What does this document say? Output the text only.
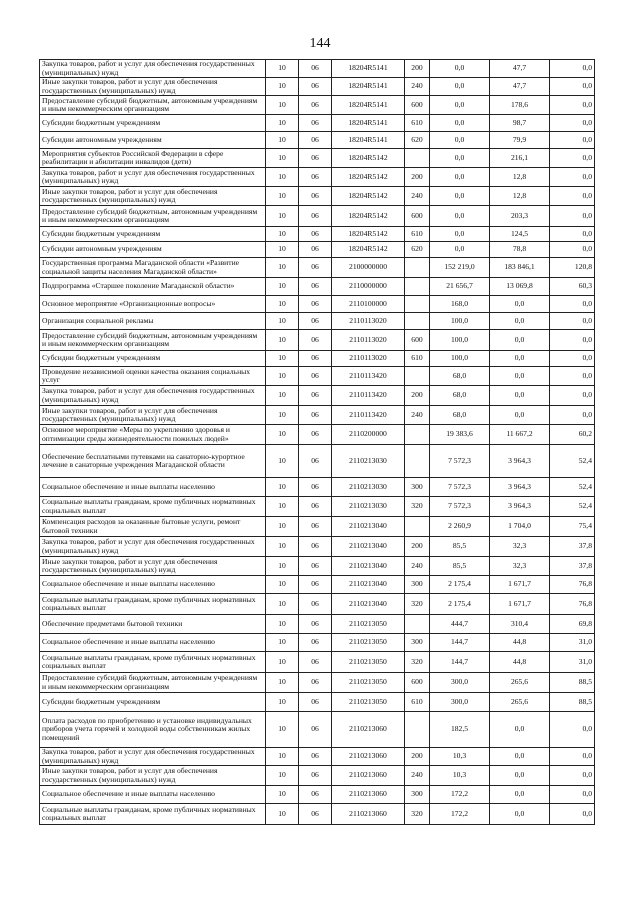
144
Закупка товаров, работ и услуг для обеспечения государственных (муниципальных) нужд	10	06	18204R5141	200	0,0	47,7	0,0
Иные закупки товаров, работ и услуг для обеспечения государственных (муниципальных) нужд	10	06	18204R5141	240	0,0	47,7	0,0
Предоставление субсидий бюджетным, автономным учреждениям и иным некоммерческим организациям	10	06	18204R5141	600	0,0	178,6	0,0
Субсидии бюджетным учреждениям	10	06	18204R5141	610	0,0	98,7	0,0
Субсидии автономным учреждениям	10	06	18204R5141	620	0,0	79,9	0,0
Мероприятия субъектов Российской Федерации в сфере реабилитации и абилитации инвалидов (дети)	10	06	18204R5142		0,0	216,1	0,0
Закупка товаров, работ и услуг для обеспечения государственных (муниципальных) нужд	10	06	18204R5142	200	0,0	12,8	0,0
Иные закупки товаров, работ и услуг для обеспечения государственных (муниципальных) нужд	10	06	18204R5142	240	0,0	12,8	0,0
Предоставление субсидий бюджетным, автономным учреждениям и иным некоммерческим организациям	10	06	18204R5142	600	0,0	203,3	0,0
Субсидии бюджетным учреждениям	10	06	18204R5142	610	0,0	124,5	0,0
Субсидии автономным учреждениям	10	06	18204R5142	620	0,0	78,8	0,0
Государственная программа Магаданской области «Развитие социальной защиты населения Магаданской области»	10	06	2100000000		152 219,0	183 846,1	120,8
Подпрограмма «Старшее поколение Магаданской области»	10	06	2110000000		21 656,7	13 069,8	60,3
Основное мероприятие «Организационные вопросы»	10	06	2110100000		168,0	0,0	0,0
Организация социальной рекламы	10	06	2110113020		100,0	0,0	0,0
Предоставление субсидий бюджетным, автономным учреждениям и иным некоммерческим организациям	10	06	2110113020	600	100,0	0,0	0,0
Субсидии бюджетным учреждениям	10	06	2110113020	610	100,0	0,0	0,0
Проведение независимой оценки качества оказания социальных услуг	10	06	2110113420		68,0	0,0	0,0
Закупка товаров, работ и услуг для обеспечения государственных (муниципальных) нужд	10	06	2110113420	200	68,0	0,0	0,0
Иные закупки товаров, работ и услуг для обеспечения государственных (муниципальных) нужд	10	06	2110113420	240	68,0	0,0	0,0
Основное мероприятие «Меры по укреплению здоровья и оптимизации среды жизнедеятельности пожилых людей»	10	06	2110200000		19 383,6	11 667,2	60,2
Обеспечение бесплатными путевками на санаторно-курортное лечение в санаторные учреждения Магаданской области	10	06	2110213030		7 572,3	3 964,3	52,4
Социальное обеспечение и иные выплаты населению	10	06	2110213030	300	7 572,3	3 964,3	52,4
Социальные выплаты гражданам, кроме публичных нормативных социальных выплат	10	06	2110213030	320	7 572,3	3 964,3	52,4
Компенсация расходов за оказанные бытовые услуги, ремонт бытовой техники	10	06	2110213040		2 260,9	1 704,0	75,4
Закупка товаров, работ и услуг для обеспечения государственных (муниципальных) нужд	10	06	2110213040	200	85,5	32,3	37,8
Иные закупки товаров, работ и услуг для обеспечения государственных (муниципальных) нужд	10	06	2110213040	240	85,5	32,3	37,8
Социальное обеспечение и иные выплаты населению	10	06	2110213040	300	2 175,4	1 671,7	76,8
Социальные выплаты гражданам, кроме публичных нормативных социальных выплат	10	06	2110213040	320	2 175,4	1 671,7	76,8
Обеспечение предметами бытовой техники	10	06	2110213050		444,7	310,4	69,8
Социальное обеспечение и иные выплаты населению	10	06	2110213050	300	144,7	44,8	31,0
Социальные выплаты гражданам, кроме публичных нормативных социальных выплат	10	06	2110213050	320	144,7	44,8	31,0
Предоставление субсидий бюджетным, автономным учреждениям и иным некоммерческим организациям	10	06	2110213050	600	300,0	265,6	88,5
Субсидии бюджетным учреждениям	10	06	2110213050	610	300,0	265,6	88,5
Оплата расходов по приобретению и установке индивидуальных приборов учета горячей и холодной воды собственникам жилых помещений	10	06	2110213060		182,5	0,0	0,0
Закупка товаров, работ и услуг для обеспечения государственных (муниципальных) нужд	10	06	2110213060	200	10,3	0,0	0,0
Иные закупки товаров, работ и услуг для обеспечения государственных (муниципальных) нужд	10	06	2110213060	240	10,3	0,0	0,0
Социальное обеспечение и иные выплаты населению	10	06	2110213060	300	172,2	0,0	0,0
Социальные выплаты гражданам, кроме публичных нормативных социальных выплат	10	06	2110213060	320	172,2	0,0	0,0
